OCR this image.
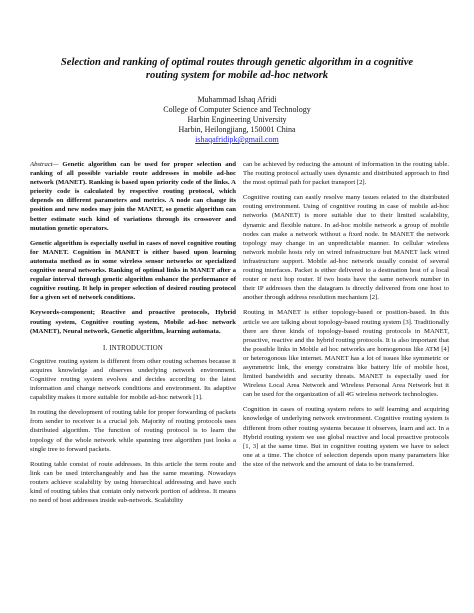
Selection and ranking of optimal routes through genetic algorithm in a cognitive
routing system for mobile ad-hoc network
Muhammad Ishaq Afridi
College of Computer Science and Technology
Harbin Engineering University
Harbin, Heilongjiang, 150001 China
ishaqafridipk@gmail.com

Abstract— Genetic algorithm can be used for proper selection and ranking of all possible variable route addresses in mobile ad-hoc network (MANET). Ranking is based upon priority code of the links. A priority code is calculated by respective routing protocol, which depends on different parameters and metrics. A node can change its position and new nodes may join the MANET, so genetic algorithm can better estimate such kind of variations through its crossover and mutation genetic operators.

Genetic algorithm is especially useful in cases of novel cognitive routing for MANET. Cognition in MANET is either based upon learning automata method as in some wireless sensor networks or specialized cognitive neural networks. Ranking of optimal links in MANET after a regular interval through genetic algorithm enhance the performance of cognitive routing. It help in proper selection of desired routing protocol for a given set of network conditions.

Keywords-component; Reactive and proactive protocols, Hybrid routing system, Cognitive routing system, Mobile ad-hoc network (MANET), Neural network, Genetic algorithm, learning automata.

I. INTRODUCTION

Cognitive routing system is different from other routing schemes because it acquires knowledge and observes underlying network environment. Cognitive routing system evolves and decides according to the latest information and change network conditions and environment. Its adaptive capability makes it more suitable for mobile ad-hoc network [1].

In routing the development of routing table for proper forwarding of packets from sender to receiver is a crucial job. Majority of routing protocols uses distributed algorithm. The function of routing protocol is to learn the topology of the whole network while spanning tree algorithm just looks a single tree to forward packets.

Routing table consist of route addresses. In this article the term route and link can be used interchangeably and has the same meaning. Nowadays routers achieve scalability by using hierarchical addressing and have such kind of routing tables that contain only network portion of address. It means no need of host addresses inside sub-network. Scalability

can be achieved by reducing the amount of information in the routing table. The routing protocol actually uses dynamic and distributed approach to find the most optimal path for packet transport [2].

Cognitive routing can easily resolve many issues related to the distributed routing environment. Using of cognitive routing in case of mobile ad-hoc networks (MANET) is more suitable due to their limited scalability, dynamic and flexible nature. In ad-hoc mobile network a group of mobile nodes can make a network without a fixed node. In MANET the network topology may change in an unpredictable manner. In cellular wireless network mobile hosts rely on wired infrastructure but MANET lack wired infrastructure support. Mobile ad-hoc network usually consist of several routing interfaces. Packet is either delivered to a destination host of a local router or next hop router. If two hosts have the same network number in their IP addresses then the datagram is directly delivered from one host to another through address resolution mechanism [2].

Routing in MANET is either topology-based or position-based. In this article we are talking about topology-based routing system [3]. Traditionally there are three kinds of topology-based routing protocols in MANET, proactive, reactive and the hybrid routing protocols. It is also important that the possible links in Mobile ad hoc networks are homogenous like ATM [4] or heterogonous like internet. MANET has a lot of issues like symmetric or asymmetric link, the energy constrains like battery life of mobile host, limited bandwidth and security threats. MANET is especially used for Wireless Local Area Network and Wireless Personal Area Network but it can be used for the organization of all 4G wireless network technologies.

Cognition in cases of routing system refers to self learning and acquiring knowledge of underlying network environment. Cognitive routing system is different from other routing systems because it observes, learn and act. In a Hybrid routing system we use global reactive and local proactive protocols [1, 3] at the same time. But in cognitive routing system we have to select one at a time. The choice of selection depends upon many parameters like the size of the network and the amount of data to be transferred.
